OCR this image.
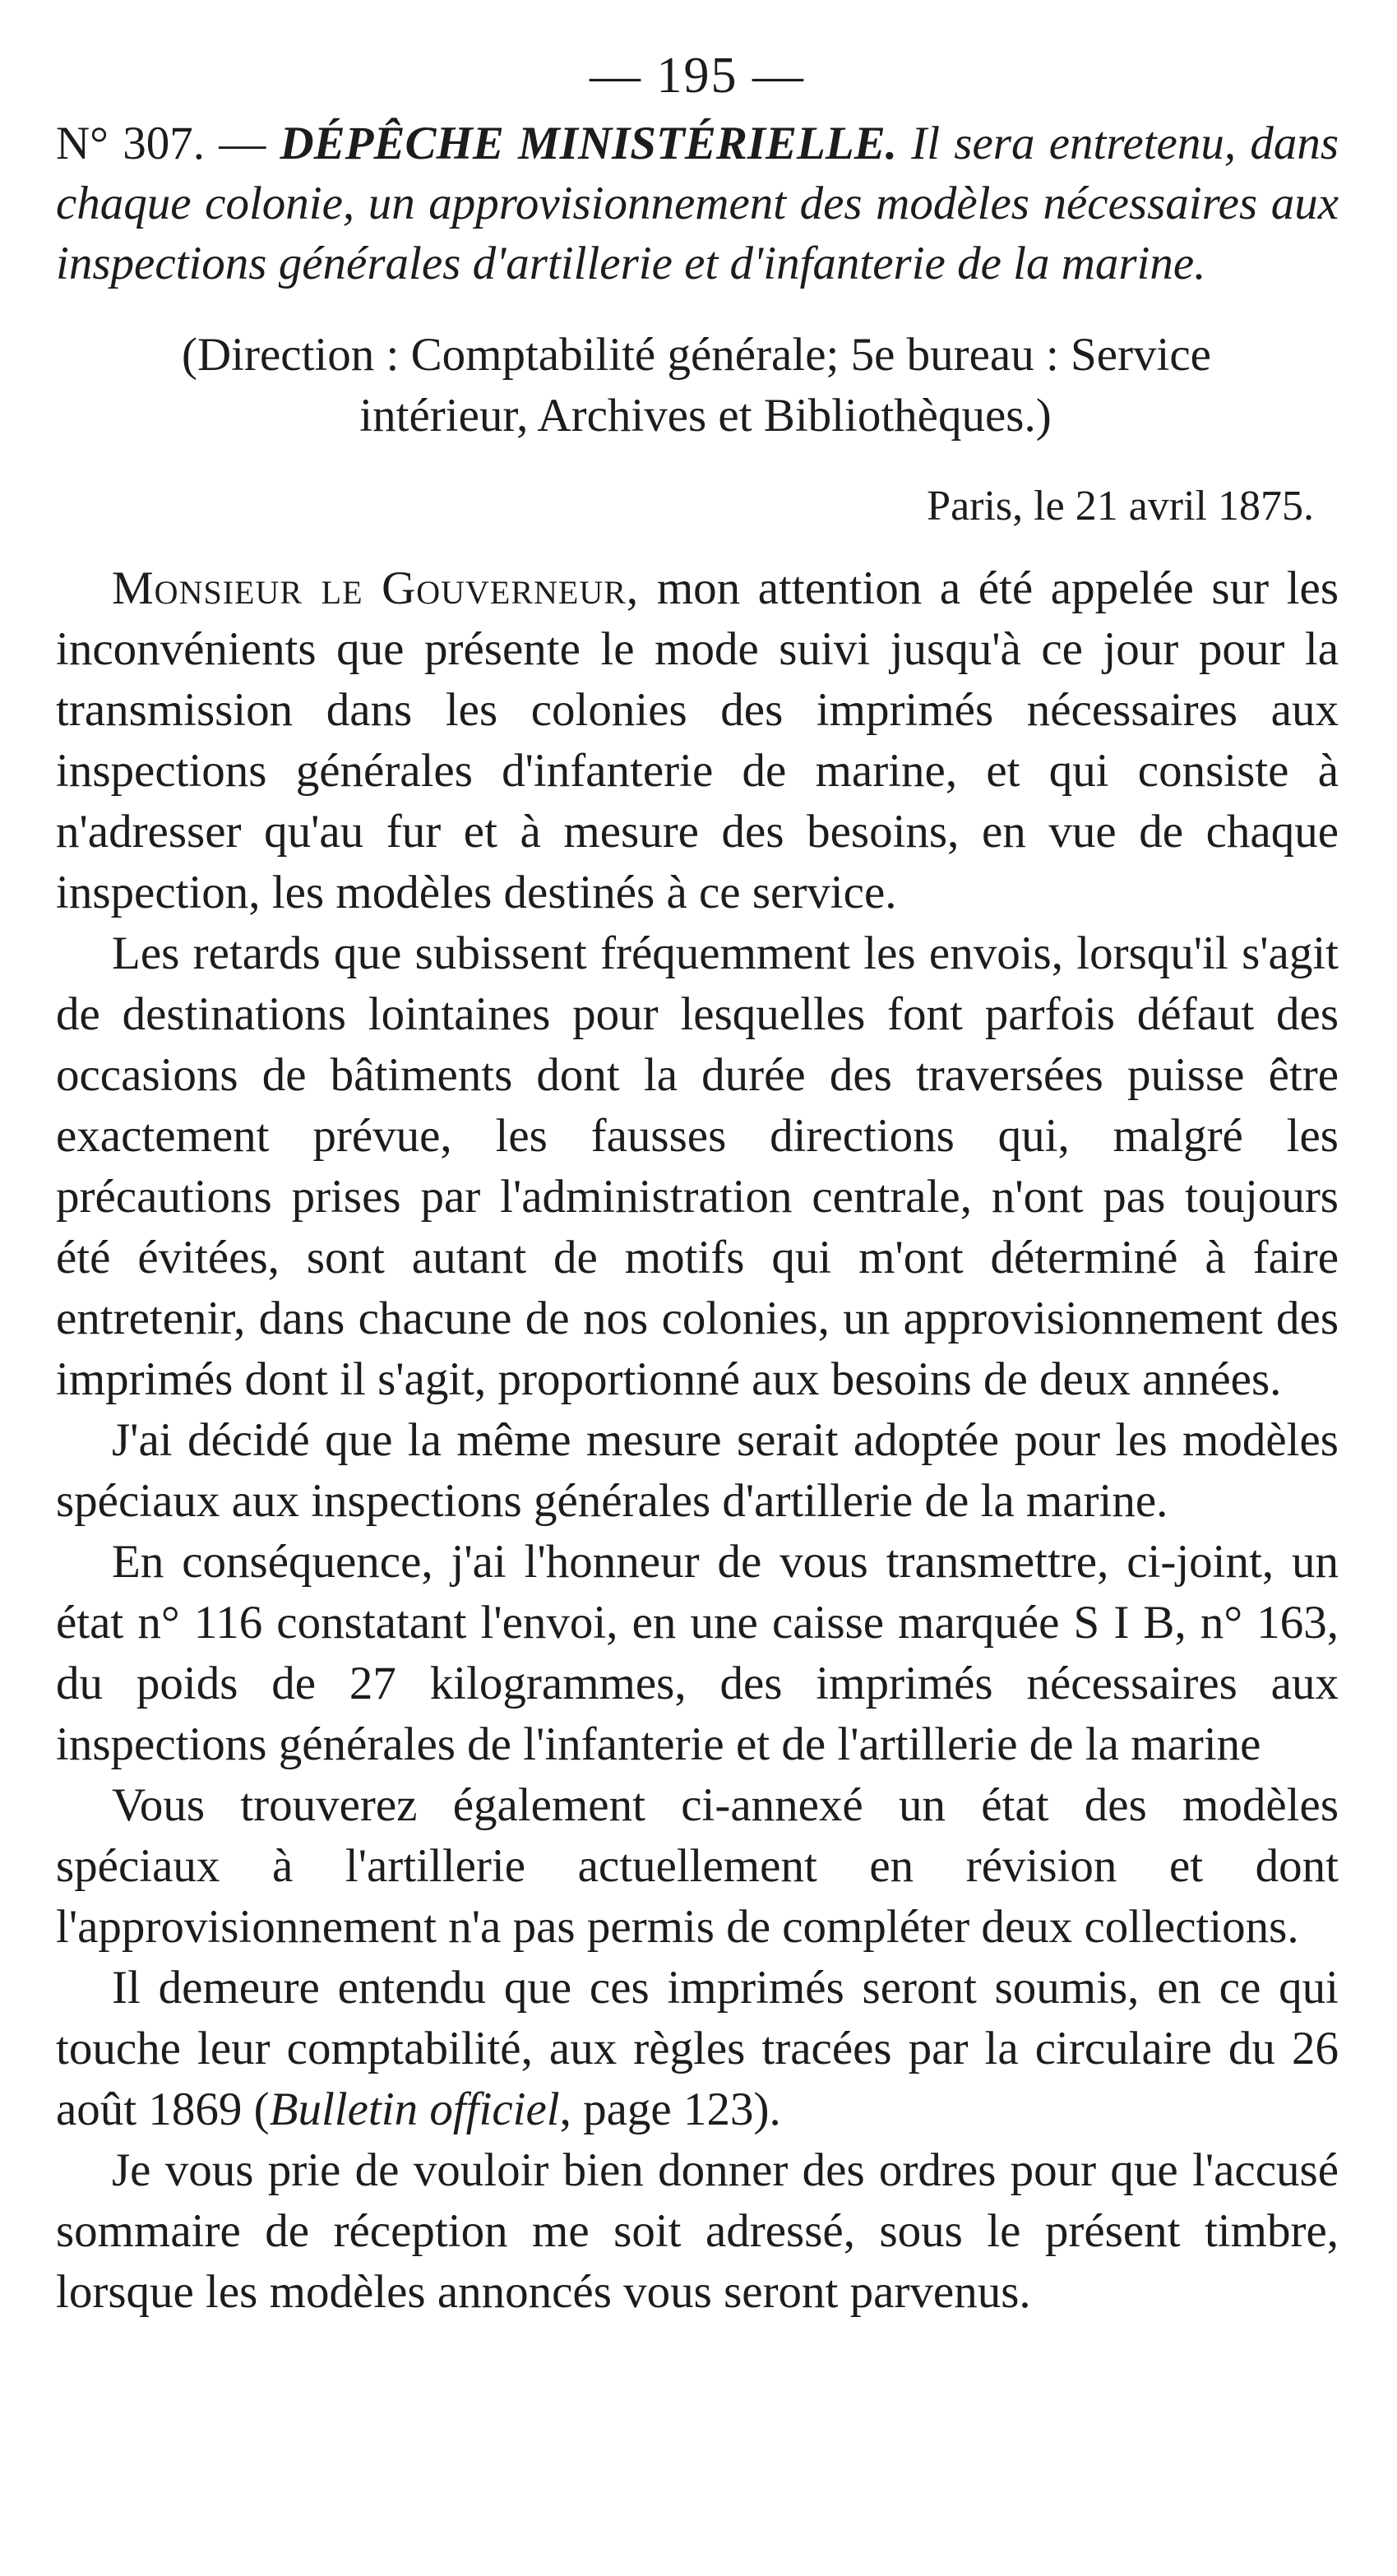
— 195 —

N° 307. — DÉPÊCHE MINISTÉRIELLE. Il sera entretenu, dans chaque colonie, un approvisionnement des modèles nécessaires aux inspections générales d'artillerie et d'infanterie de la marine.

(Direction : Comptabilité générale; 5e bureau : Service intérieur, Archives et Bibliothèques.)

Paris, le 21 avril 1875.

Monsieur le Gouverneur, mon attention a été appelée sur les inconvénients que présente le mode suivi jusqu'à ce jour pour la transmission dans les colonies des imprimés nécessaires aux inspections générales d'infanterie de marine, et qui consiste à n'adresser qu'au fur et à mesure des besoins, en vue de chaque inspection, les modèles destinés à ce service.

Les retards que subissent fréquemment les envois, lorsqu'il s'agit de destinations lointaines pour lesquelles font parfois défaut des occasions de bâtiments dont la durée des traversées puisse être exactement prévue, les fausses directions qui, malgré les précautions prises par l'administration centrale, n'ont pas toujours été évitées, sont autant de motifs qui m'ont déterminé à faire entretenir, dans chacune de nos colonies, un approvisionnement des imprimés dont il s'agit, proportionné aux besoins de deux années.

J'ai décidé que la même mesure serait adoptée pour les modèles spéciaux aux inspections générales d'artillerie de la marine.

En conséquence, j'ai l'honneur de vous transmettre, ci-joint, un état n° 116 constatant l'envoi, en une caisse marquée S I B, n° 163, du poids de 27 kilogrammes, des imprimés nécessaires aux inspections générales de l'infanterie et de l'artillerie de la marine

Vous trouverez également ci-annexé un état des modèles spéciaux à l'artillerie actuellement en révision et dont l'approvisionnement n'a pas permis de compléter deux collections.

Il demeure entendu que ces imprimés seront soumis, en ce qui touche leur comptabilité, aux règles tracées par la circulaire du 26 août 1869 (Bulletin officiel, page 123).

Je vous prie de vouloir bien donner des ordres pour que l'accusé sommaire de réception me soit adressé, sous le présent timbre, lorsque les modèles annoncés vous seront parvenus.
